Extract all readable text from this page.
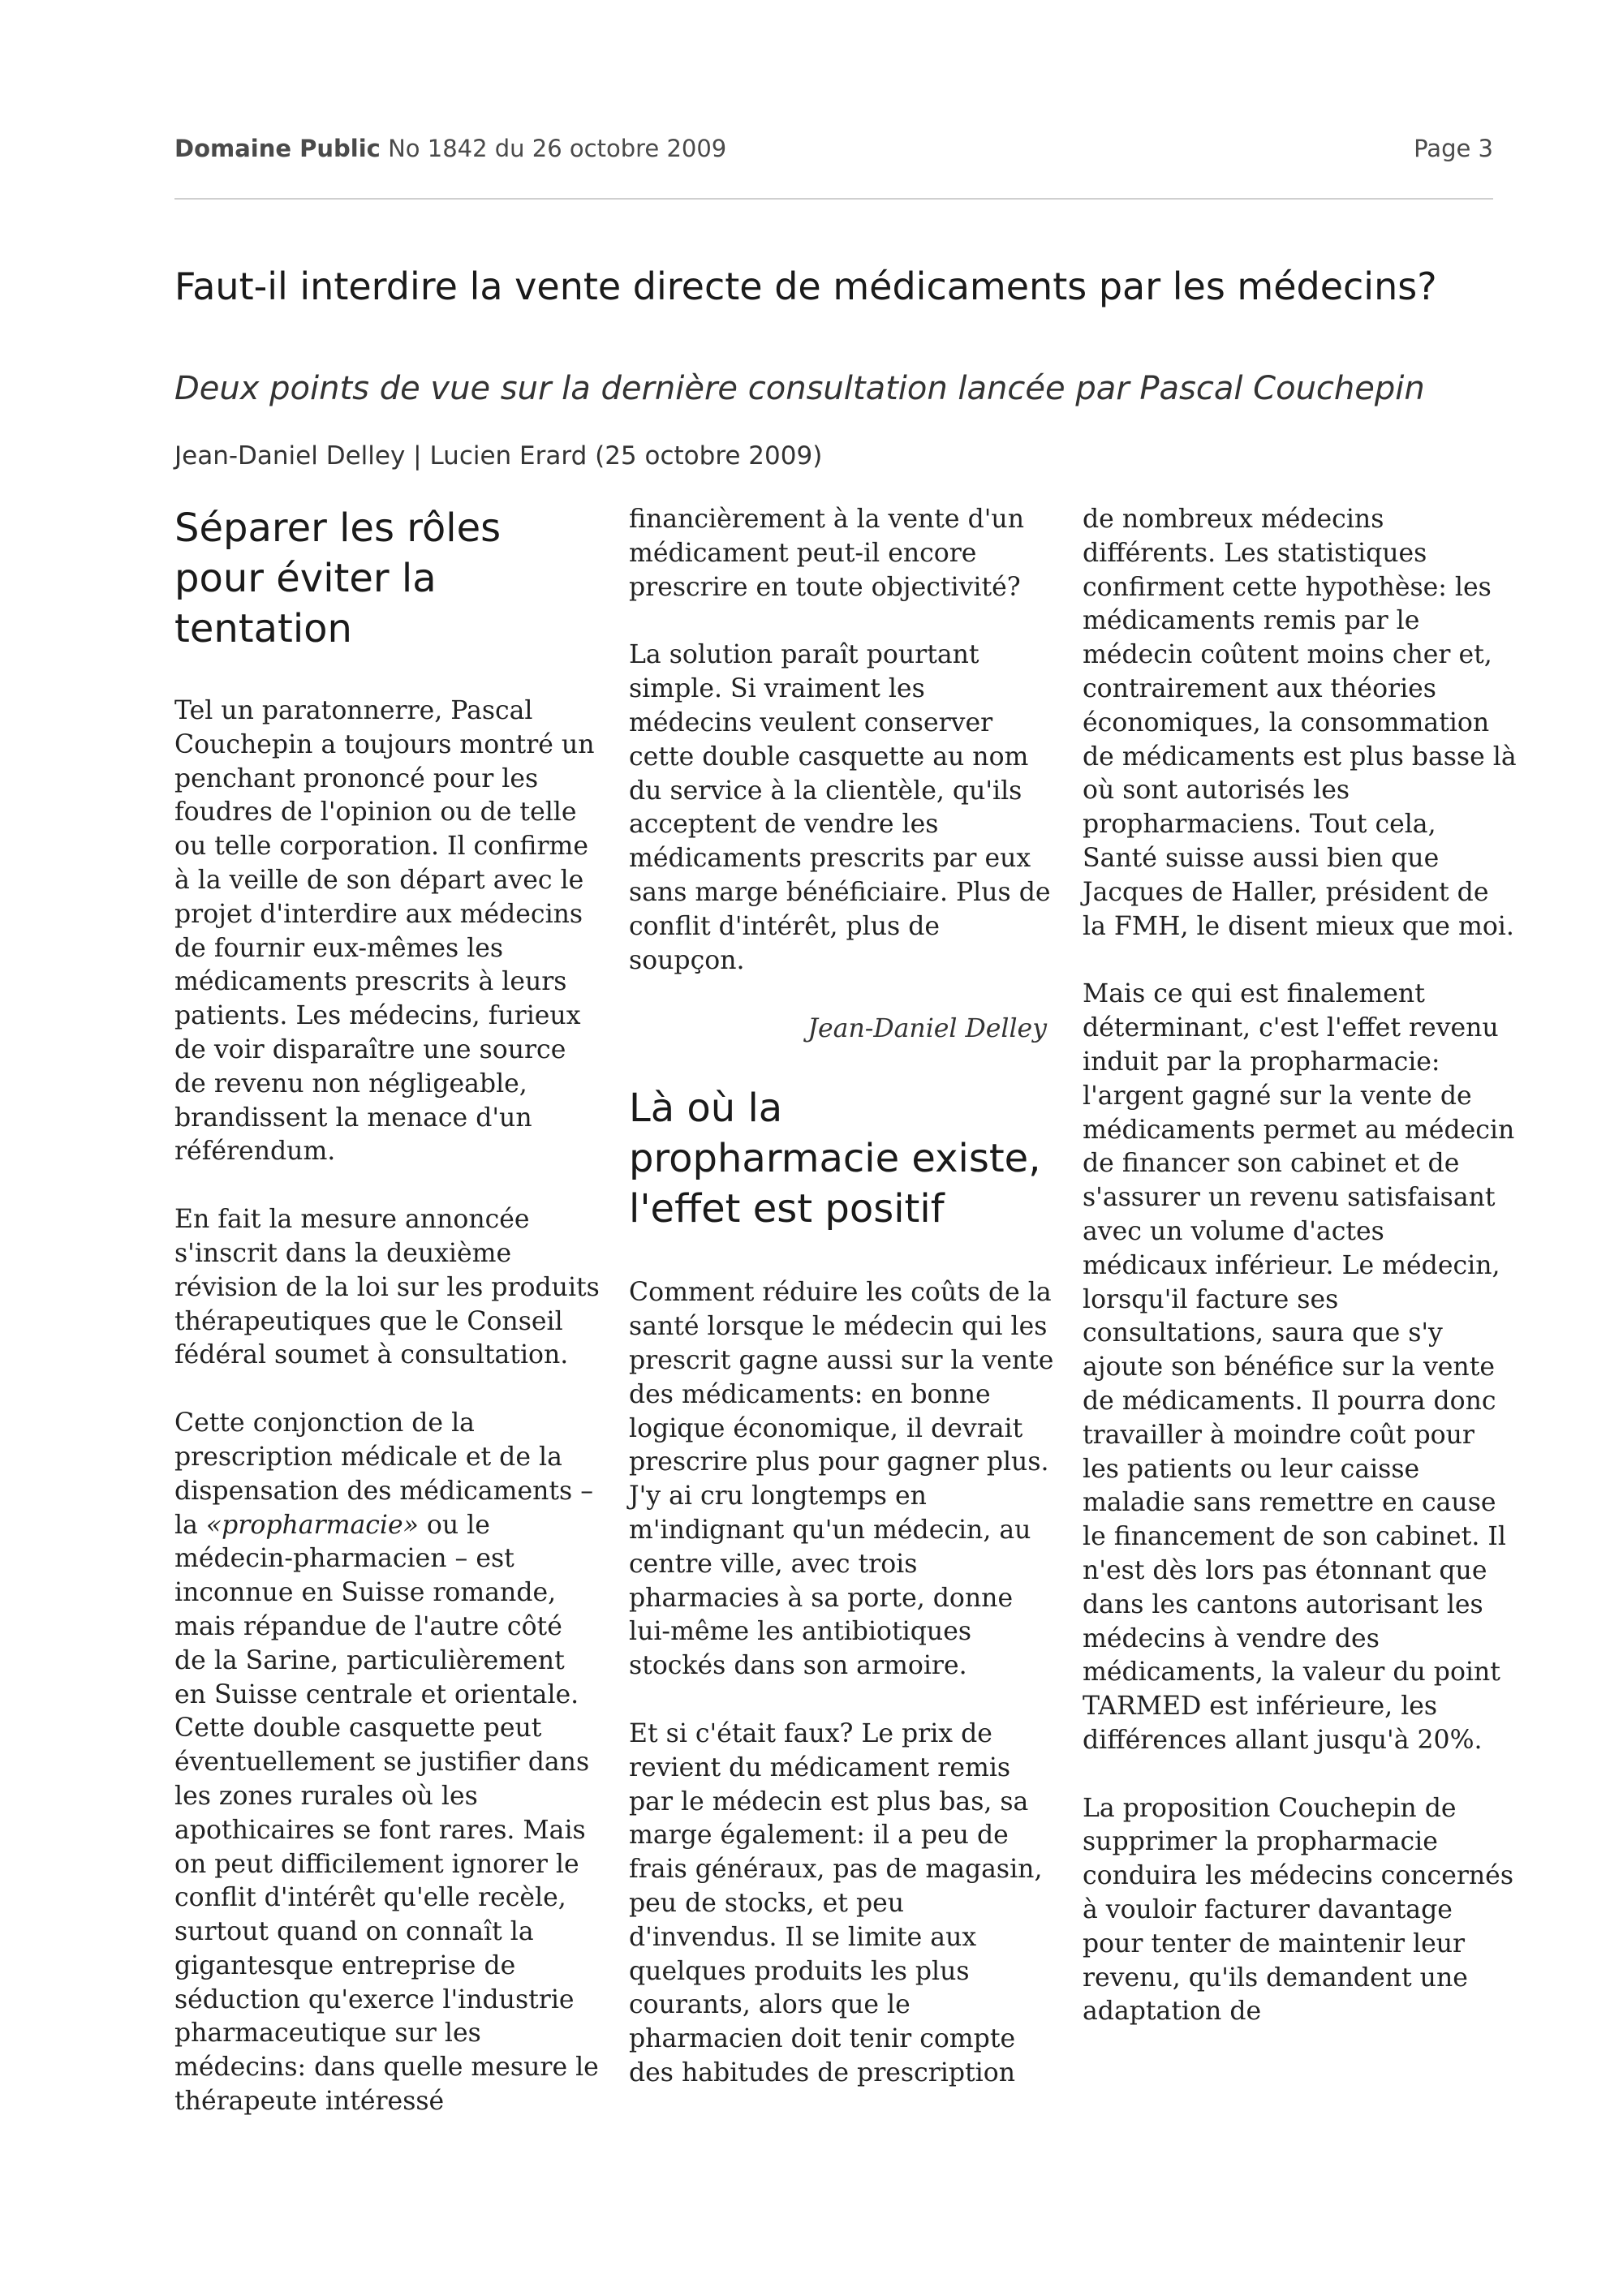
Domaine Public No 1842 du 26 octobre 2009	Page 3
Faut-il interdire la vente directe de médicaments par les médecins?

Deux points de vue sur la dernière consultation lancée par Pascal Couchepin

Jean-Daniel Delley | Lucien Erard (25 octobre 2009)
Séparer les rôles pour éviter la tentation

Tel un paratonnerre, Pascal Couchepin a toujours montré un penchant prononcé pour les foudres de l'opinion ou de telle ou telle corporation. Il confirme à la veille de son départ avec le projet d'interdire aux médecins de fournir eux-mêmes les médicaments prescrits à leurs patients. Les médecins, furieux de voir disparaître une source de revenu non négligeable, brandissent la menace d'un référendum.

En fait la mesure annoncée s'inscrit dans la deuxième révision de la loi sur les produits thérapeutiques que le Conseil fédéral soumet à consultation.

Cette conjonction de la prescription médicale et de la dispensation des médicaments – la «propharmacie» ou le médecin-pharmacien – est inconnue en Suisse romande, mais répandue de l'autre côté de la Sarine, particulièrement en Suisse centrale et orientale. Cette double casquette peut éventuellement se justifier dans les zones rurales où les apothicaires se font rares. Mais on peut difficilement ignorer le conflit d'intérêt qu'elle recèle, surtout quand on connaît la gigantesque entreprise de séduction qu'exerce l'industrie pharmaceutique sur les médecins: dans quelle mesure le thérapeute intéressé

financièrement à la vente d'un médicament peut-il encore prescrire en toute objectivité?

La solution paraît pourtant simple. Si vraiment les médecins veulent conserver cette double casquette au nom du service à la clientèle, qu'ils acceptent de vendre les médicaments prescrits par eux sans marge bénéficiaire. Plus de conflit d'intérêt, plus de soupçon.

Jean-Daniel Delley

Là où la propharmacie existe, l'effet est positif

Comment réduire les coûts de la santé lorsque le médecin qui les prescrit gagne aussi sur la vente des médicaments: en bonne logique économique, il devrait prescrire plus pour gagner plus. J'y ai cru longtemps en m'indignant qu'un médecin, au centre ville, avec trois pharmacies à sa porte, donne lui-même les antibiotiques stockés dans son armoire.

Et si c'était faux? Le prix de revient du médicament remis par le médecin est plus bas, sa marge également: il a peu de frais généraux, pas de magasin, peu de stocks, et peu d'invendus. Il se limite aux quelques produits les plus courants, alors que le pharmacien doit tenir compte des habitudes de prescription

de nombreux médecins différents. Les statistiques confirment cette hypothèse: les médicaments remis par le médecin coûtent moins cher et, contrairement aux théories économiques, la consommation de médicaments est plus basse là où sont autorisés les propharmaciens. Tout cela, Santé suisse aussi bien que Jacques de Haller, président de la FMH, le disent mieux que moi.

Mais ce qui est finalement déterminant, c'est l'effet revenu induit par la propharmacie: l'argent gagné sur la vente de médicaments permet au médecin de financer son cabinet et de s'assurer un revenu satisfaisant avec un volume d'actes médicaux inférieur. Le médecin, lorsqu'il facture ses consultations, saura que s'y ajoute son bénéfice sur la vente de médicaments. Il pourra donc travailler à moindre coût pour les patients ou leur caisse maladie sans remettre en cause le financement de son cabinet. Il n'est dès lors pas étonnant que dans les cantons autorisant les médecins à vendre des médicaments, la valeur du point TARMED est inférieure, les différences allant jusqu'à 20%.

La proposition Couchepin de supprimer la propharmacie conduira les médecins concernés à vouloir facturer davantage pour tenter de maintenir leur revenu, qu'ils demandent une adaptation de
